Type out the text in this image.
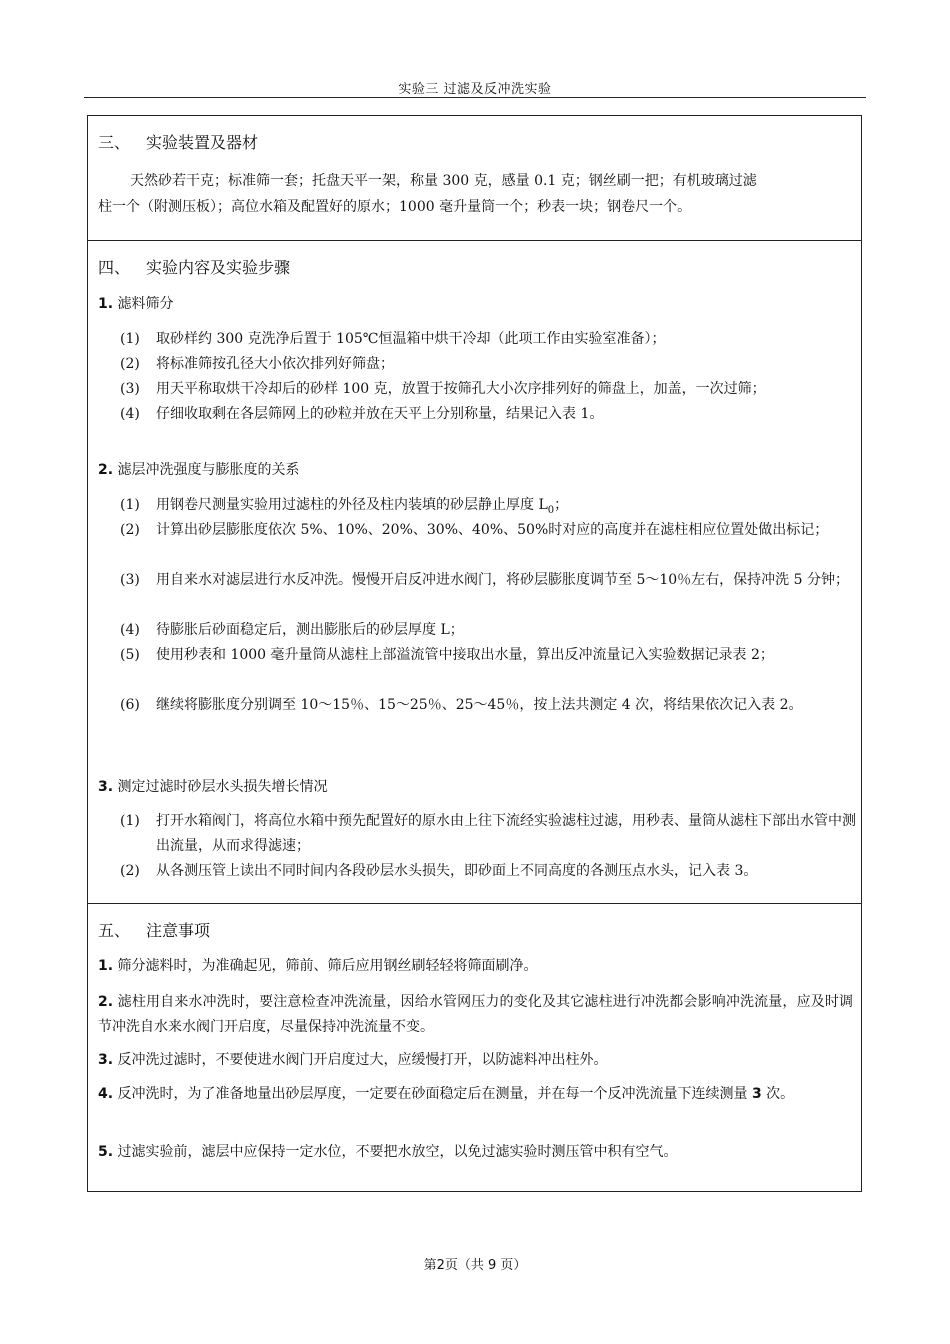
实验三 过滤及反冲洗实验
三、 实验装置及器材

天然砂若干克；标准筛一套；托盘天平一架，称量 300 克，感量 0.1 克；钢丝刷一把；有机玻璃过滤

柱一个（附测压板）；高位水箱及配置好的原水；1000 毫升量筒一个；秒表一块；钢卷尺一个。

四、 实验内容及实验步骤
1. 滤料筛分
(1)	取砂样约 300 克洗净后置于 105℃恒温箱中烘干冷却（此项工作由实验室准备）；
(2)	将标准筛按孔径大小依次排列好筛盘；
(3)	用天平称取烘干冷却后的砂样 100 克，放置于按筛孔大小次序排列好的筛盘上，加盖，一次过筛；
(4)	仔细收取剩在各层筛网上的砂粒并放在天平上分别称量，结果记入表 1。
2. 滤层冲洗强度与膨胀度的关系
(1)	用钢卷尺测量实验用过滤柱的外径及柱内装填的砂层静止厚度 $L_0$；
(2)	计算出砂层膨胀度依次 5%、10%、20%、30%、40%、50%时对应的高度并在滤柱相应位置处做出标记；
(3)	用自来水对滤层进行水反冲洗。慢慢开启反冲进水阀门，将砂层膨胀度调节至 5～10％左右，保持冲洗 5 分钟；
(4)	待膨胀后砂面稳定后，测出膨胀后的砂层厚度 L；
(5)	使用秒表和 1000 毫升量筒从滤柱上部溢流管中接取出水量，算出反冲流量记入实验数据记录表 2；
(6)	继续将膨胀度分别调至 10～15％、15～25％、25～45％，按上法共测定 4 次，将结果依次记入表 2。
3. 测定过滤时砂层水头损失增长情况
(1)	打开水箱阀门，将高位水箱中预先配置好的原水由上往下流经实验滤柱过滤，用秒表、量筒从滤柱下部出水管中测出流量，从而求得滤速；
(2)	从各测压管上读出不同时间内各段砂层水头损失，即砂面上不同高度的各测压点水头，记入表 3。
五、 注意事项
1. 筛分滤料时，为准确起见，筛前、筛后应用钢丝刷轻轻将筛面刷净。
2. 滤柱用自来水冲洗时，要注意检查冲洗流量，因给水管网压力的变化及其它滤柱进行冲洗都会影响冲洗流量，应及时调节冲洗自水来水阀门开启度，尽量保持冲洗流量不变。
3. 反冲洗过滤时，不要使进水阀门开启度过大，应缓慢打开，以防滤料冲出柱外。
4. 反冲洗时，为了准备地量出砂层厚度，一定要在砂面稳定后在测量，并在每一个反冲洗流量下连续测量 3 次。
5. 过滤实验前，滤层中应保持一定水位，不要把水放空，以免过滤实验时测压管中积有空气。
第2页（共 9 页）
